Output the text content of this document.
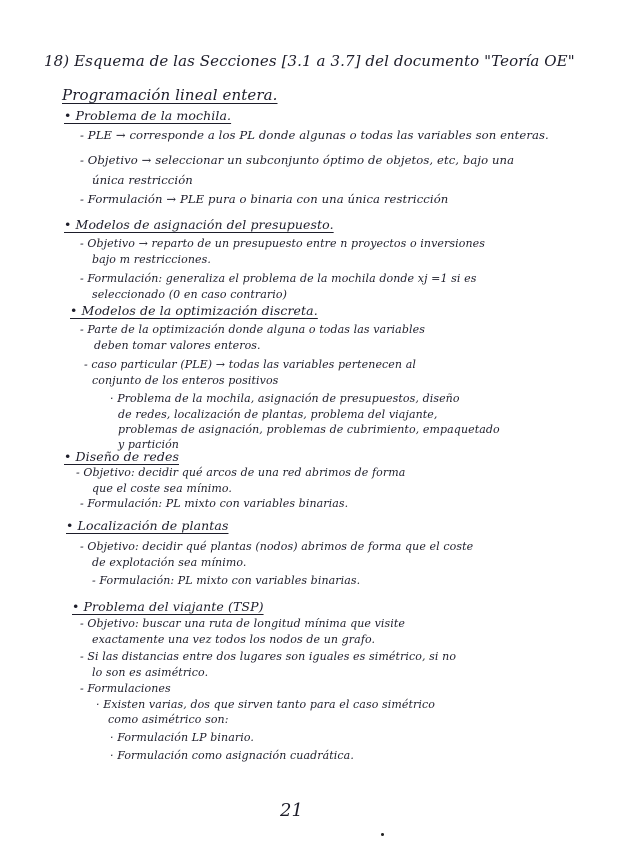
18) Esquema de las Secciones [3.1 a 3.7] del documento "Teoría OE"
Programación lineal entera.
• Problema de la mochila.
- PLE → corresponde a los PL donde algunas o todas las variables son enteras.
- Objetivo → seleccionar un subconjunto óptimo de objetos, etc, bajo una
única restricción
- Formulación → PLE pura o binaria con una única restricción
• Modelos de asignación del presupuesto.
- Objetivo → reparto de un presupuesto entre n proyectos o inversiones
bajo m restricciones.
- Formulación: generaliza el problema de la mochila donde xj =1 si es
seleccionado (0 en caso contrario)
• Modelos de la optimización discreta.
- Parte de la optimización donde alguna o todas las variables
deben tomar valores enteros.
- caso particular (PLE) → todas las variables pertenecen al
conjunto de los enteros positivos
· Problema de la mochila, asignación de presupuestos, diseño
de redes, localización de plantas, problema del viajante,
problemas de asignación, problemas de cubrimiento, empaquetado
y partición
• Diseño de redes
- Objetivo: decidir qué arcos de una red abrimos de forma
que el coste sea mínimo.
- Formulación: PL mixto con variables binarias.
• Localización de plantas
- Objetivo: decidir qué plantas (nodos) abrimos de forma que el coste
de explotación sea mínimo.
- Formulación: PL mixto con variables binarias.
• Problema del viajante (TSP)
- Objetivo: buscar una ruta de longitud mínima que visite
exactamente una vez todos los nodos de un grafo.
- Si las distancias entre dos lugares son iguales es simétrico, si no
lo son es asimétrico.
- Formulaciones
· Existen varias, dos que sirven tanto para el caso simétrico
como asimétrico son:
· Formulación LP binario.
· Formulación como asignación cuadrática.
21
